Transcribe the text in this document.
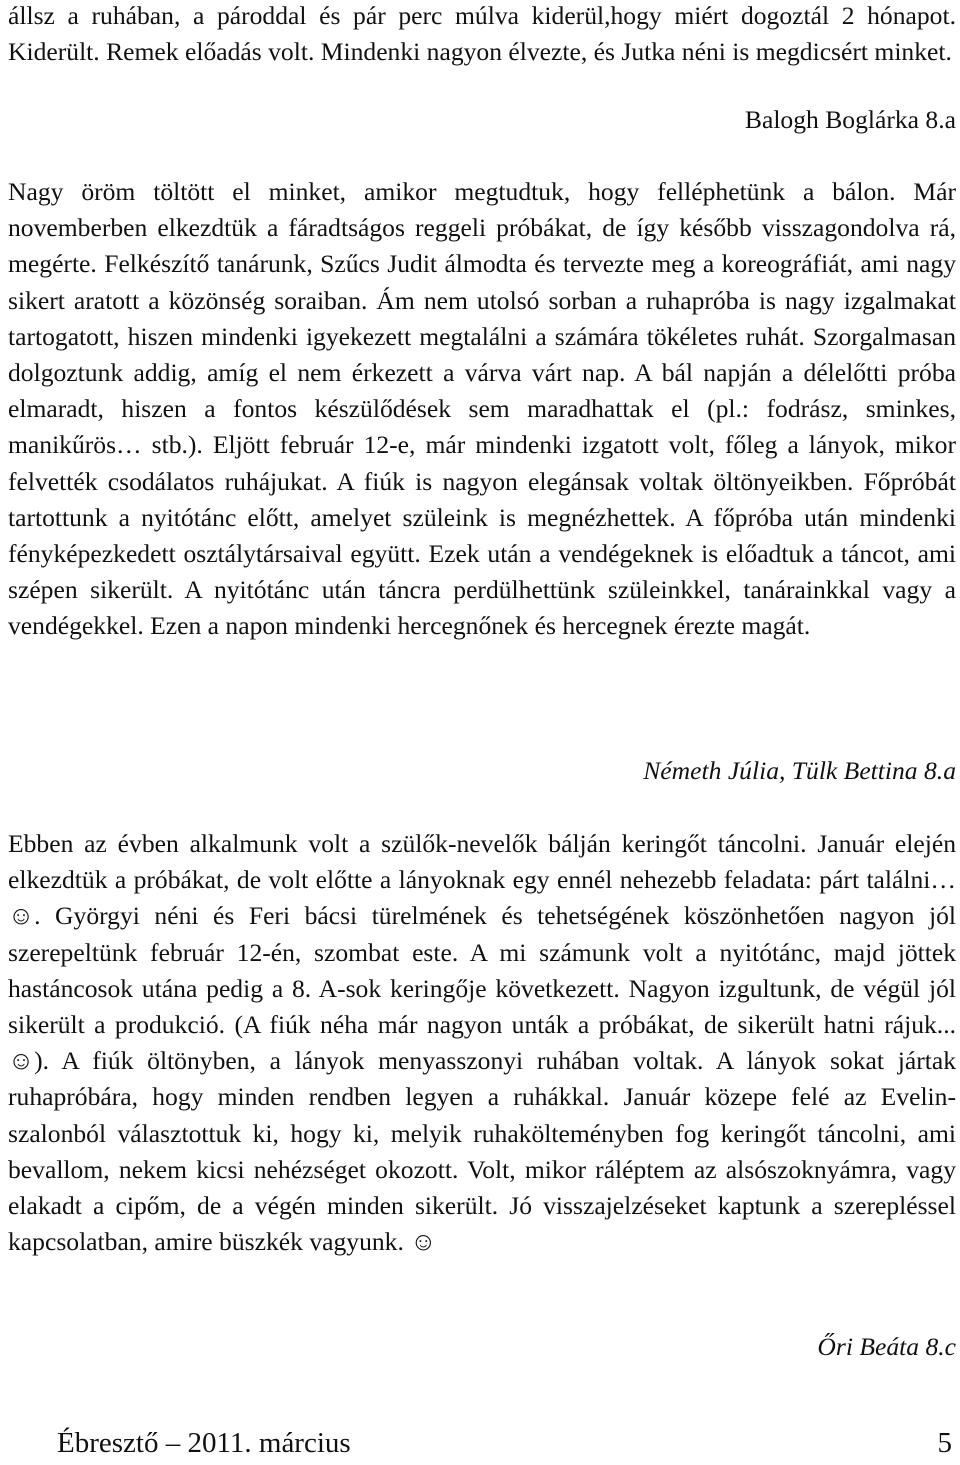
állsz a ruhában, a pároddal és pár perc múlva kiderül,hogy miért dogoztál 2 hónapot. Kiderült. Remek előadás volt. Mindenki nagyon élvezte, és Jutka néni is megdicsért minket.

Balogh Boglárka 8.a

Nagy öröm töltött el minket, amikor megtudtuk, hogy felléphetünk a bálon. Már novemberben elkezdtük a fáradtságos reggeli próbákat, de így később visszagondolva rá, megérte. Felkészítő tanárunk, Szűcs Judit álmodta és tervezte meg a koreográfiát, ami nagy sikert aratott a közönség soraiban. Ám nem utolsó sorban a ruhapróba is nagy izgalmakat tartogatott, hiszen mindenki igyekezett megtalálni a számára tökéletes ruhát. Szorgalmasan dolgoztunk addig, amíg el nem érkezett a várva várt nap. A bál napján a délelőtti próba elmaradt, hiszen a fontos készülődések sem maradhattak el (pl.: fodrász, sminkes, manikűrös… stb.). Eljött február 12-e, már mindenki izgatott volt, főleg a lányok, mikor felvették csodálatos ruhájukat. A fiúk is nagyon elegánsak voltak öltönyeikben. Főpróbát tartottunk a nyitótánc előtt, amelyet szüleink is megnézhettek. A főpróba után mindenki fényképezkedett osztálytársaival együtt. Ezek után a vendégeknek is előadtuk a táncot, ami szépen sikerült. A nyitótánc után táncra perdülhettünk szüleinkkel, tanárainkkal vagy a vendégekkel. Ezen a napon mindenki hercegnőnek és hercegnek érezte magát.

Németh Júlia, Tülk Bettina 8.a

Ebben az évben alkalmunk volt a szülők-nevelők bálján keringőt táncolni. Január elején elkezdtük a próbákat, de volt előtte a lányoknak egy ennél nehezebb feladata: párt találni… ☺. Györgyi néni és Feri bácsi türelmének és tehetségének köszönhetően nagyon jól szerepeltünk február 12-én, szombat este. A mi számunk volt a nyitótánc, majd jöttek hastáncosok utána pedig a 8. A-sok keringője következett. Nagyon izgultunk, de végül jól sikerült a produkció. (A fiúk néha már nagyon unták a próbákat, de sikerült hatni rájuk... ☺). A fiúk öltönyben, a lányok menyasszonyi ruhában voltak. A lányok sokat jártak ruhapróbára, hogy minden rendben legyen a ruhákkal. Január közepe felé az Evelin-szalonból választottuk ki, hogy ki, melyik ruhakölteményben fog keringőt táncolni, ami bevallom, nekem kicsi nehézséget okozott. Volt, mikor ráléptem az alsószoknyámra, vagy elakadt a cipőm, de a végén minden sikerült. Jó visszajelzéseket kaptunk a szerepléssel kapcsolatban, amire büszkék vagyunk. ☺

Őri Beáta 8.c

Ébresztő – 2011. március	5
